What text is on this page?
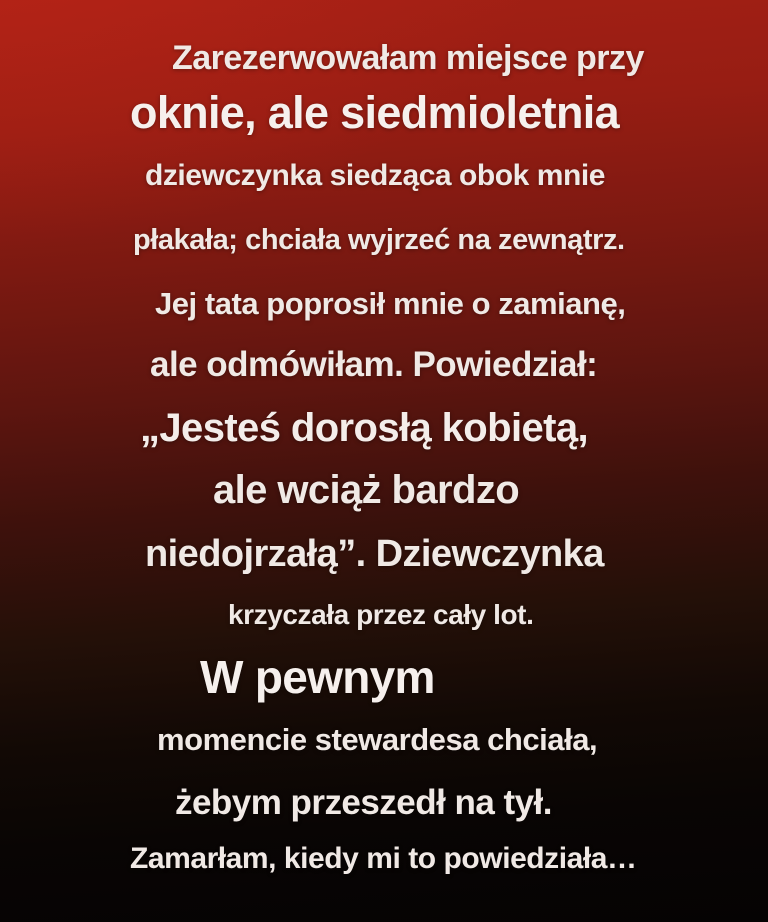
Zarezerwowałam miejsce przy
oknie, ale siedmioletnia
dziewczynka siedząca obok mnie
płakała; chciała wyjrzeć na zewnątrz.
Jej tata poprosił mnie o zamianę,
ale odmówiłam. Powiedział:
„Jesteś dorosłą kobietą,
ale wciąż bardzo
niedojrzałą”. Dziewczynka
krzyczała przez cały lot.
W pewnym
momencie stewardesa chciała,
żebym przeszedł na tył.
Zamarłam, kiedy mi to powiedziała…
